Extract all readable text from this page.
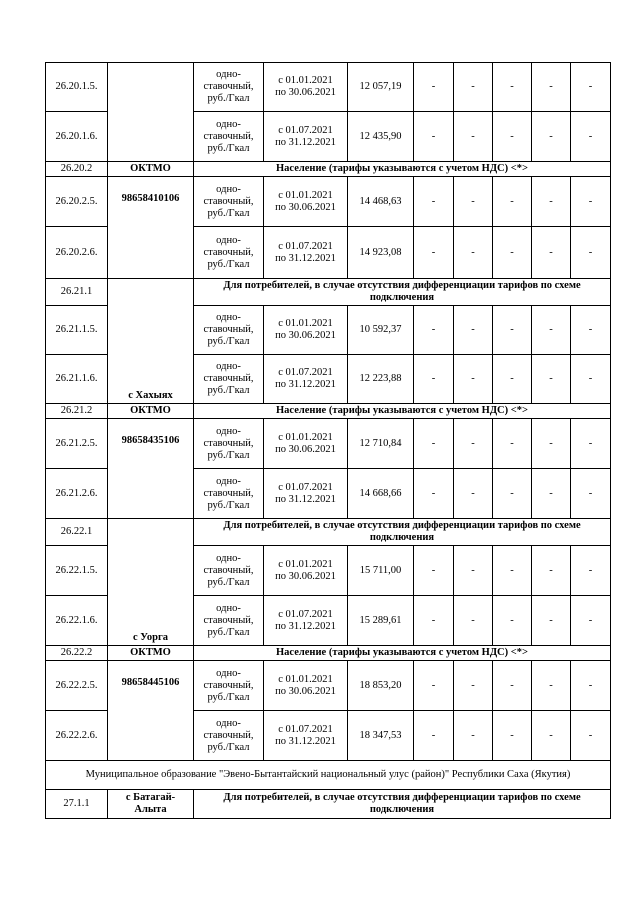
26.20.1.5.		одно-
ставочный,
руб./Гкал	с 01.01.2021
по 30.06.2021	12 057,19	-	-	-	-	-
26.20.1.6.		одно-
ставочный,
руб./Гкал	с 01.07.2021
по 31.12.2021	12 435,90	-	-	-	-	-
26.20.2	ОКТМО	Население (тарифы указываются с учетом НДС) <*>							
26.20.2.5.	98658410106	одно-
ставочный,
руб./Гкал	с 01.01.2021
по 30.06.2021	14 468,63	-	-	-	-	-
26.20.2.6.		одно-
ставочный,
руб./Гкал	с 01.07.2021
по 31.12.2021	14 923,08	-	-	-	-	-
26.21.1	с Хахыях	Для потребителей, в случае отсутствия дифференциации тарифов по схеме подключения							
26.21.1.5.		одно-
ставочный,
руб./Гкал	с 01.01.2021
по 30.06.2021	10 592,37	-	-	-	-	-
26.21.1.6.		одно-
ставочный,
руб./Гкал	с 01.07.2021
по 31.12.2021	12 223,88	-	-	-	-	-
26.21.2	ОКТМО	Население (тарифы указываются с учетом НДС) <*>							
26.21.2.5.	98658435106	одно-
ставочный,
руб./Гкал	с 01.01.2021
по 30.06.2021	12 710,84	-	-	-	-	-
26.21.2.6.		одно-
ставочный,
руб./Гкал	с 01.07.2021
по 31.12.2021	14 668,66	-	-	-	-	-
26.22.1	с Уорга	Для потребителей, в случае отсутствия дифференциации тарифов по схеме подключения							
26.22.1.5.		одно-
ставочный,
руб./Гкал	с 01.01.2021
по 30.06.2021	15 711,00	-	-	-	-	-
26.22.1.6.		одно-
ставочный,
руб./Гкал	с 01.07.2021
по 31.12.2021	15 289,61	-	-	-	-	-
26.22.2	ОКТМО	Население (тарифы указываются с учетом НДС) <*>							
26.22.2.5.	98658445106	одно-
ставочный,
руб./Гкал	с 01.01.2021
по 30.06.2021	18 853,20	-	-	-	-	-
26.22.2.6.		одно-
ставочный,
руб./Гкал	с 01.07.2021
по 31.12.2021	18 347,53	-	-	-	-	-
Муниципальное образование "Эвено-Бытантайский национальный улус (район)" Республики Саха (Якутия)									
27.1.1	с Батагай-
Алыта	Для потребителей, в случае отсутствия дифференциации тарифов по схеме подключения							
